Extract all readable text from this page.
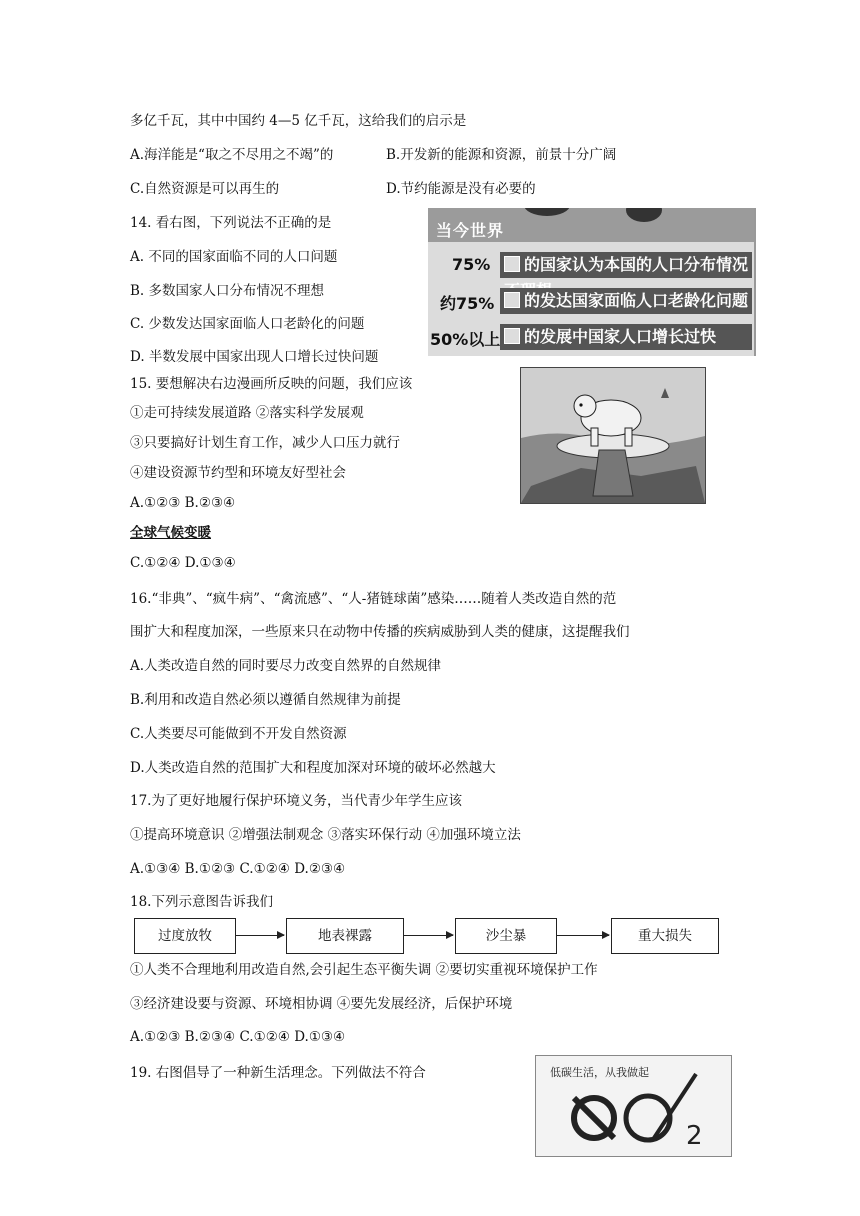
多亿千瓦，其中中国约 4—5 亿千瓦，这给我们的启示是
A.海洋能是“取之不尽用之不竭”的	B.开发新的能源和资源，前景十分广阔
C.自然资源是可以再生的	D.节约能源是没有必要的
14. 看右图，下列说法不正确的是
A. 不同的国家面临不同的人口问题
B. 多数国家人口分布情况不理想
C. 少数发达国家面临人口老龄化的问题
D. 半数发展中国家出现人口增长过快问题
15. 要想解决右边漫画所反映的问题，我们应该
①走可持续发展道路 ②落实科学发展观
③只要搞好计划生育工作，减少人口压力就行
④建设资源节约型和环境友好型社会
A.①②③ B.②③④
全球气候变暖
C.①②④ D.①③④
16.“非典”、“疯牛病”、“禽流感”、“人-猪链球菌”感染……随着人类改造自然的范
围扩大和程度加深，一些原来只在动物中传播的疾病威胁到人类的健康，这提醒我们
A.人类改造自然的同时要尽力改变自然界的自然规律
B.利用和改造自然必须以遵循自然规律为前提
C.人类要尽可能做到不开发自然资源
D.人类改造自然的范围扩大和程度加深对环境的破坏必然越大
17.为了更好地履行保护环境义务，当代青少年学生应该
①提高环境意识 ②增强法制观念 ③落实环保行动 ④加强环境立法
A.①③④ B.①②③ C.①②④ D.②③④
18.下列示意图告诉我们
过度放牧	地表裸露	沙尘暴	重大损失
①人类不合理地利用改造自然,会引起生态平衡失调 ②要切实重视环境保护工作
③经济建设要与资源、环境相协调 ④要先发展经济，后保护环境
A.①②③ B.②③④ C.①②④ D.①③④
19. 右图倡导了一种新生活理念。下列做法不符合
当今世界
75%	的国家认为本国的人口分布情况
约75%	的发达国家面临人口老龄化问题
50%以上	的发展中国家人口增长过快
低碳生活，从我做起
2
